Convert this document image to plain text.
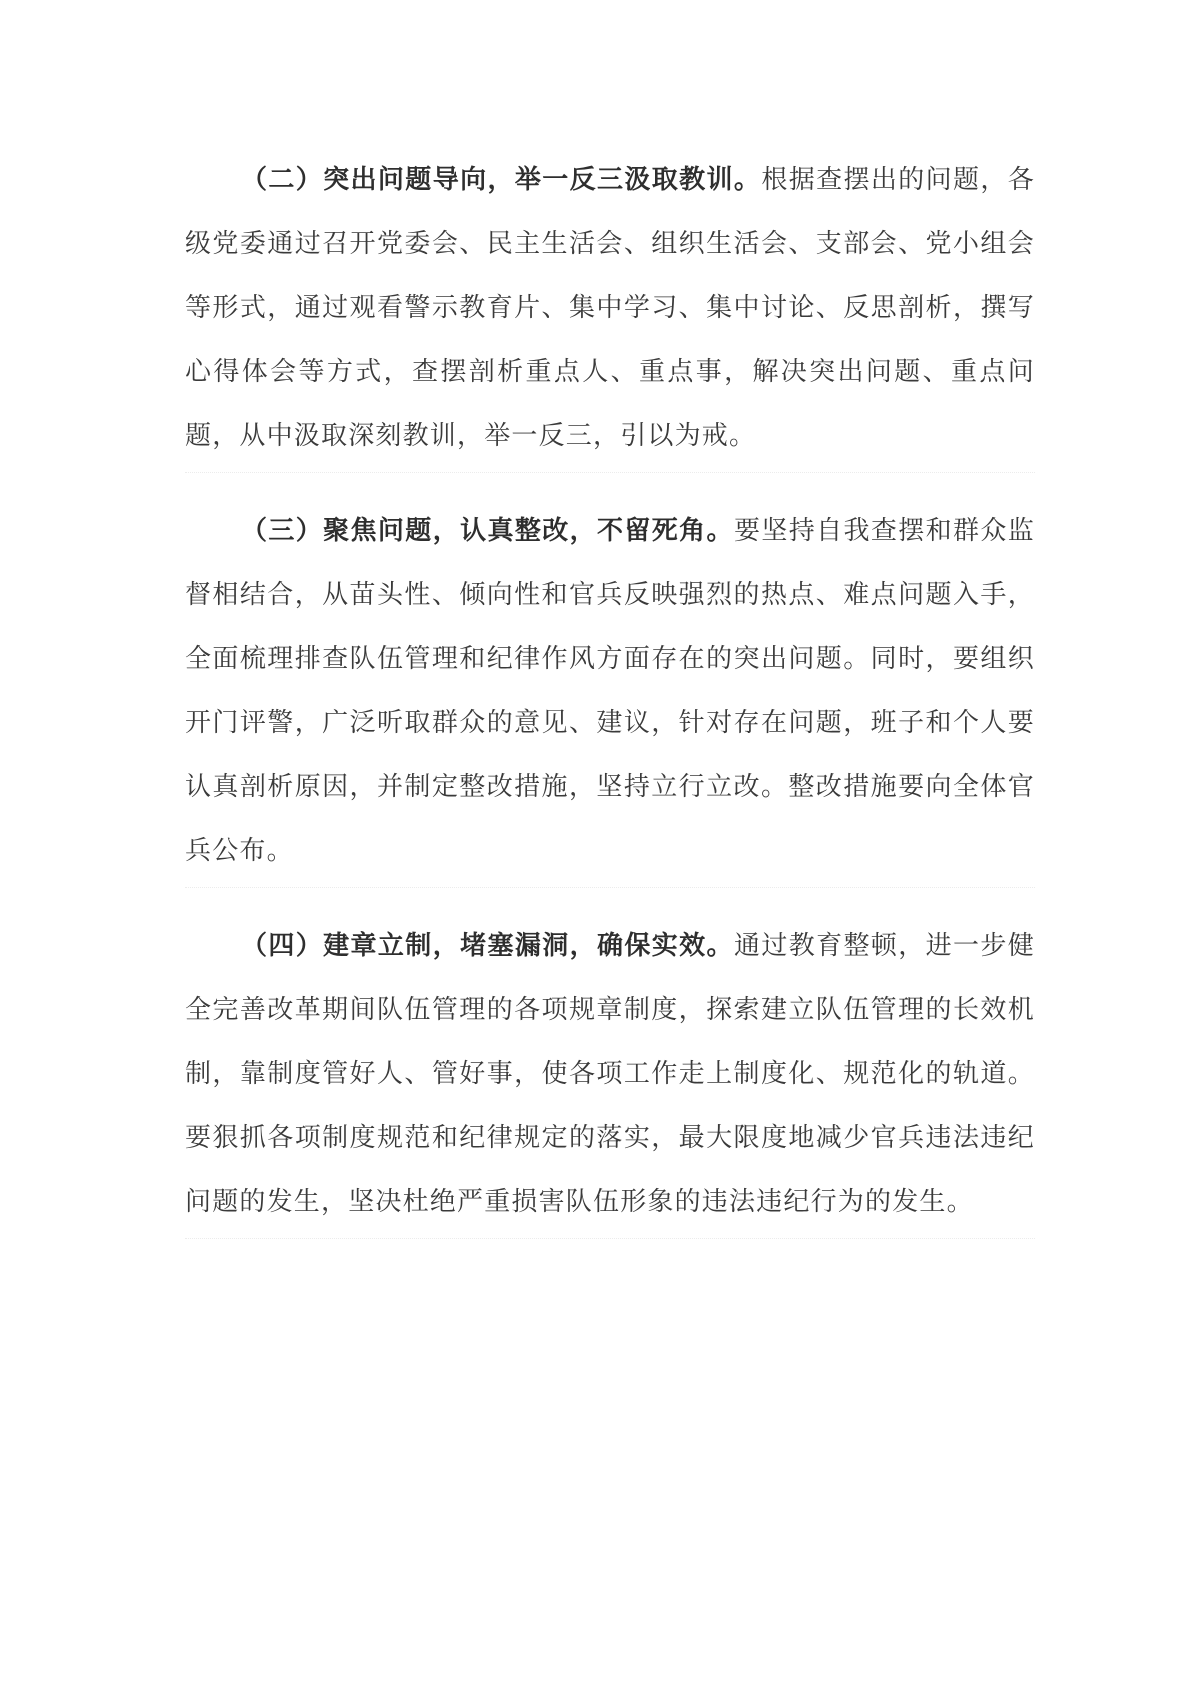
（二）突出问题导向，举一反三汲取教训。根据查摆出的问题，各级党委通过召开党委会、民主生活会、组织生活会、支部会、党小组会等形式，通过观看警示教育片、集中学习、集中讨论、反思剖析，撰写心得体会等方式，查摆剖析重点人、重点事，解决突出问题、重点问题，从中汲取深刻教训，举一反三，引以为戒。

（三）聚焦问题，认真整改，不留死角。要坚持自我查摆和群众监督相结合，从苗头性、倾向性和官兵反映强烈的热点、难点问题入手，全面梳理排查队伍管理和纪律作风方面存在的突出问题。同时，要组织开门评警，广泛听取群众的意见、建议，针对存在问题，班子和个人要认真剖析原因，并制定整改措施，坚持立行立改。整改措施要向全体官兵公布。

（四）建章立制，堵塞漏洞，确保实效。通过教育整顿，进一步健全完善改革期间队伍管理的各项规章制度，探索建立队伍管理的长效机制，靠制度管好人、管好事，使各项工作走上制度化、规范化的轨道。要狠抓各项制度规范和纪律规定的落实，最大限度地减少官兵违法违纪问题的发生，坚决杜绝严重损害队伍形象的违法违纪行为的发生。
